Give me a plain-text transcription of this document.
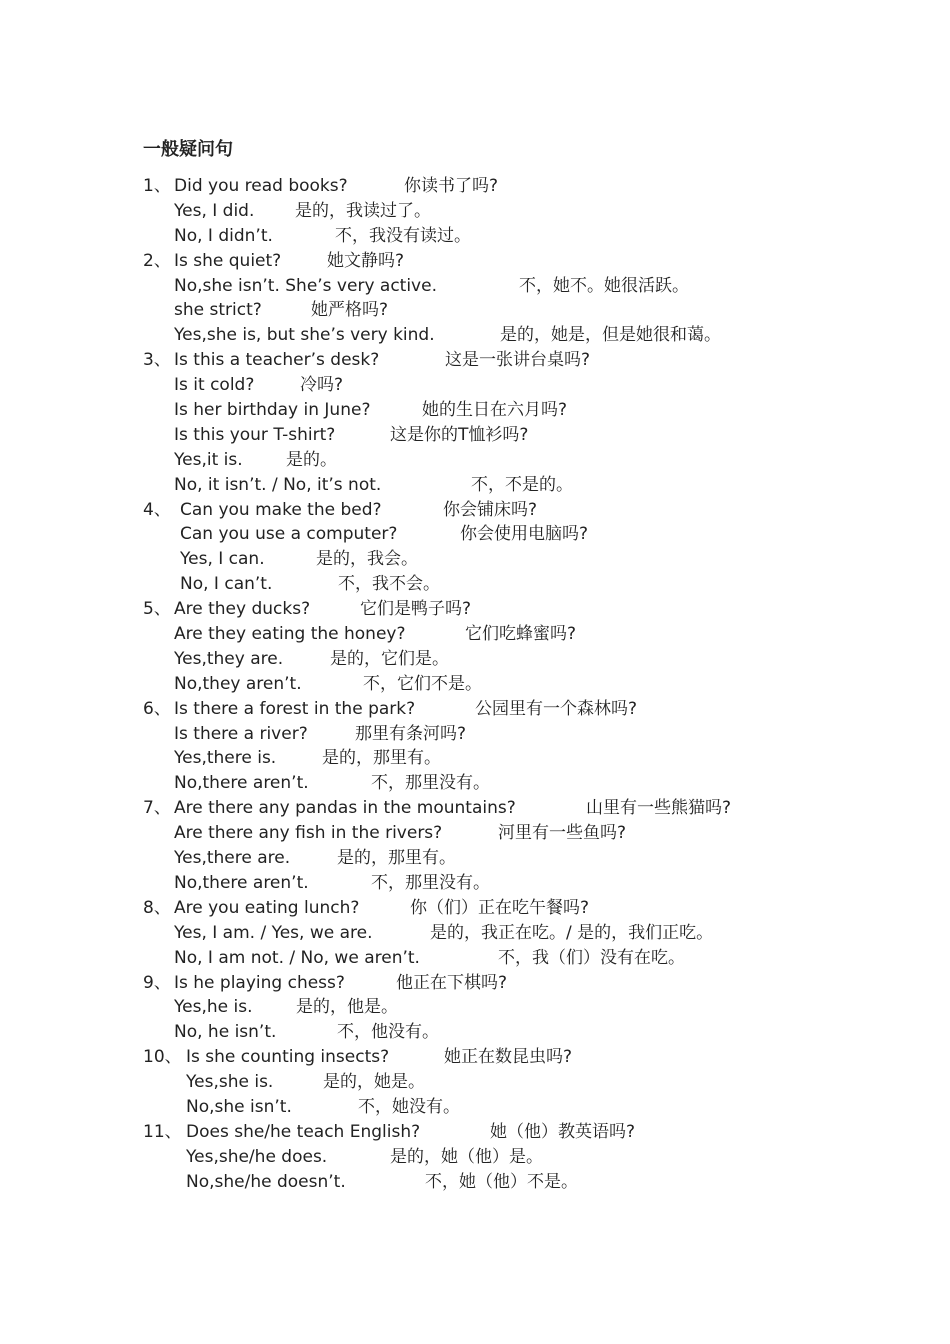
一般疑问句
1、 Did you read books?	你读书了吗?
Yes, I did. 是的，我读过了。
No, I didn’t.	不，我没有读过。
2、 Is she quiet?	她文静吗?
No,she isn’t. She’s very active.	不，她不。她很活跃。
she strict?	她严格吗?
Yes,she is, but she’s very kind.	是的，她是，但是她很和蔼。
3、 Is this a teacher’s desk?	这是一张讲台桌吗?
Is it cold?	冷吗?
Is her birthday in June?	她的生日在六月吗?
Is this your T-shirt?	这是你的T恤衫吗?
Yes,it is.	是的。
No, it isn’t. / No, it’s not.	不，不是的。
4、 Can you make the bed?	你会铺床吗?
Can you use a computer?	你会使用电脑吗?
Yes, I can.	是的，我会。
No, I can’t.	不，我不会。
5、 Are they ducks?	它们是鸭子吗?
Are they eating the honey?	它们吃蜂蜜吗?
Yes,they are.	是的，它们是。
No,they aren’t.	不，它们不是。
6、 Is there a forest in the park?	公园里有一个森林吗?
Is there a river?	那里有条河吗?
Yes,there is.	是的，那里有。
No,there aren’t.	不，那里没有。
7、 Are there any pandas in the mountains?	山里有一些熊猫吗?
Are there any fish in the rivers?	河里有一些鱼吗?
Yes,there are.	是的，那里有。
No,there aren’t.	不，那里没有。
8、 Are you eating lunch?	你（们）正在吃午餐吗?
Yes, I am. / Yes, we are.	是的，我正在吃。/ 是的，我们正吃。
No, I am not. / No, we aren’t.	不，我（们）没有在吃。
9、 Is he playing chess?	他正在下棋吗?
Yes,he is.	是的，他是。
No, he isn’t.	不，他没有。
10、 Is she counting insects?	她正在数昆虫吗?
Yes,she is.	是的，她是。
No,she isn’t.	不，她没有。
11、 Does she/he teach English?	她（他）教英语吗?
Yes,she/he does.	是的，她（他）是。
No,she/he doesn’t.	不，她（他）不是。
